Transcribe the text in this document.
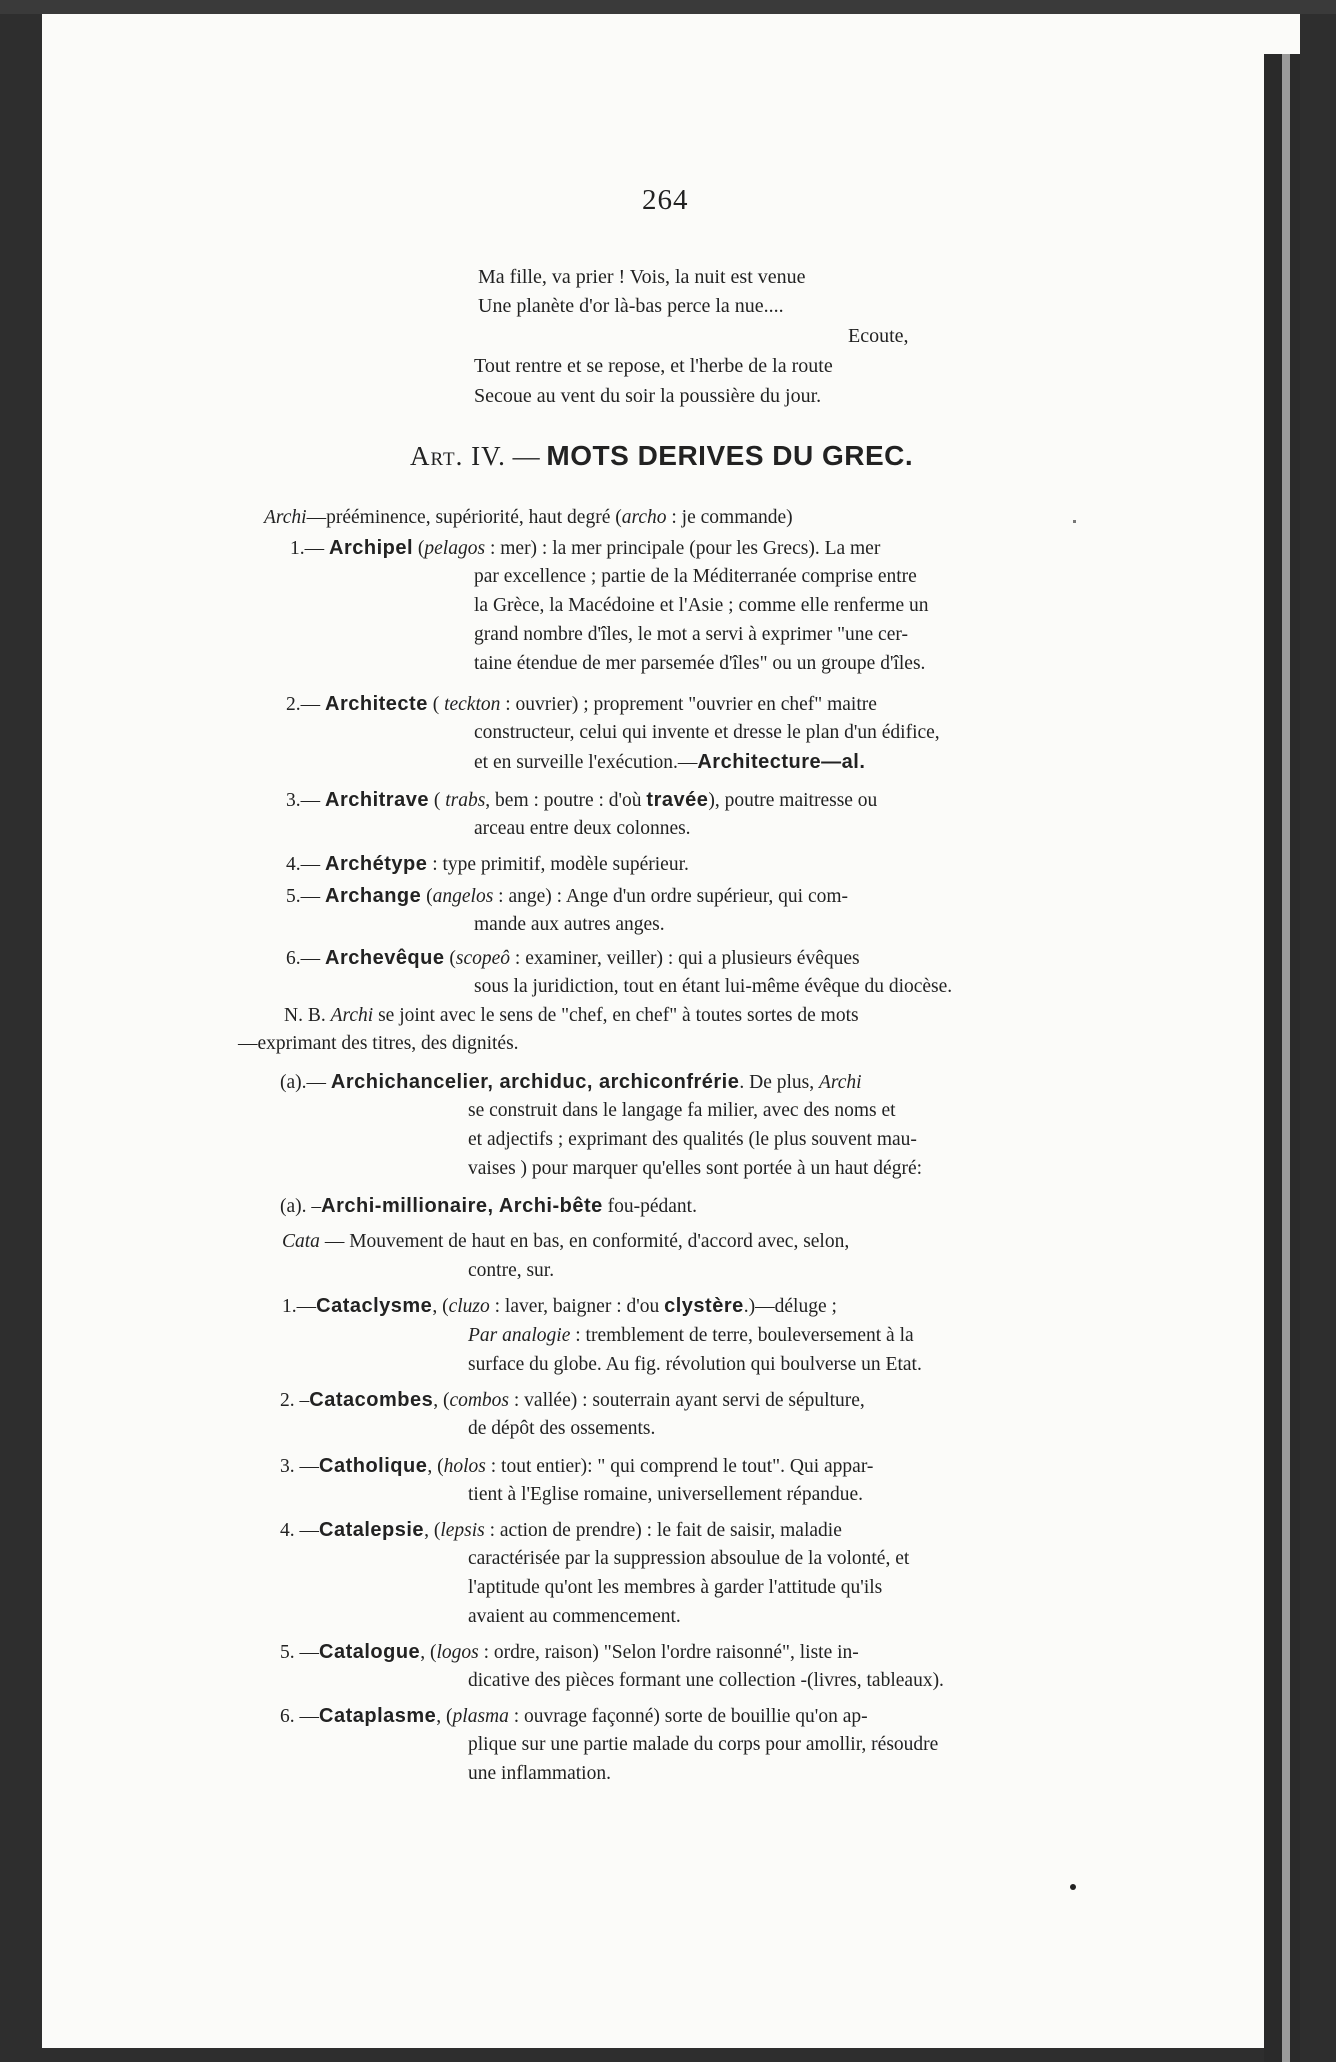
264
Ma fille, va prier ! Vois, la nuit est venue
Une planète d'or là-bas perce la nue....
Ecoute,
Tout rentre et se repose, et l'herbe de la route
Secoue au vent du soir la poussière du jour.
Art. IV. — MOTS DERIVES DU GREC.
Archi—prééminence, supériorité, haut degré (archo : je commande)
1.— Archipel (pelagos : mer) : la mer principale (pour les Grecs). La mer
par excellence ; partie de la Méditerranée comprise entre
la Grèce, la Macédoine et l'Asie ; comme elle renferme un
grand nombre d'îles, le mot a servi à exprimer "une cer-
taine étendue de mer parsemée d'îles" ou un groupe d'îles.
2.— Architecte ( teckton : ouvrier) ; proprement "ouvrier en chef" maitre
constructeur, celui qui invente et dresse le plan d'un édifice,
et en surveille l'exécution.—Architecture—al.
3.— Architrave ( trabs, bem : poutre : d'où travée), poutre maitresse ou
arceau entre deux colonnes.
4.— Archétype : type primitif, modèle supérieur.
5.— Archange (angelos : ange) : Ange d'un ordre supérieur, qui com-
mande aux autres anges.
6.— Archevêque (scopeô : examiner, veiller) : qui a plusieurs évêques
sous la juridiction, tout en étant lui-même évêque du diocèse.
N. B. Archi se joint avec le sens de "chef, en chef" à toutes sortes de mots
—exprimant des titres, des dignités.
(a).— Archichancelier, archiduc, archiconfrérie. De plus, Archi
se construit dans le langage fa milier, avec des noms et
et adjectifs ; exprimant des qualités (le plus souvent mau-
vaises ) pour marquer qu'elles sont portée à un haut dégré:
(a). –Archi-millionaire, Archi-bête fou-pédant.
Cata — Mouvement de haut en bas, en conformité, d'accord avec, selon,
contre, sur.
1.—Cataclysme, (cluzo : laver, baigner : d'ou clystère.)—déluge ;
Par analogie : tremblement de terre, bouleversement à la
surface du globe. Au fig. révolution qui boulverse un Etat.
2. –Catacombes, (combos : vallée) : souterrain ayant servi de sépulture,
de dépôt des ossements.
3. —Catholique, (holos : tout entier): " qui comprend le tout". Qui appar-
tient à l'Eglise romaine, universellement répandue.
4. —Catalepsie, (lepsis : action de prendre) : le fait de saisir, maladie
caractérisée par la suppression absoulue de la volonté, et
l'aptitude qu'ont les membres à garder l'attitude qu'ils
avaient au commencement.
5. —Catalogue, (logos : ordre, raison) "Selon l'ordre raisonné", liste in-
dicative des pièces formant une collection -(livres, tableaux).
6. —Cataplasme, (plasma : ouvrage façonné) sorte de bouillie qu'on ap-
plique sur une partie malade du corps pour amollir, résoudre
une inflammation.
